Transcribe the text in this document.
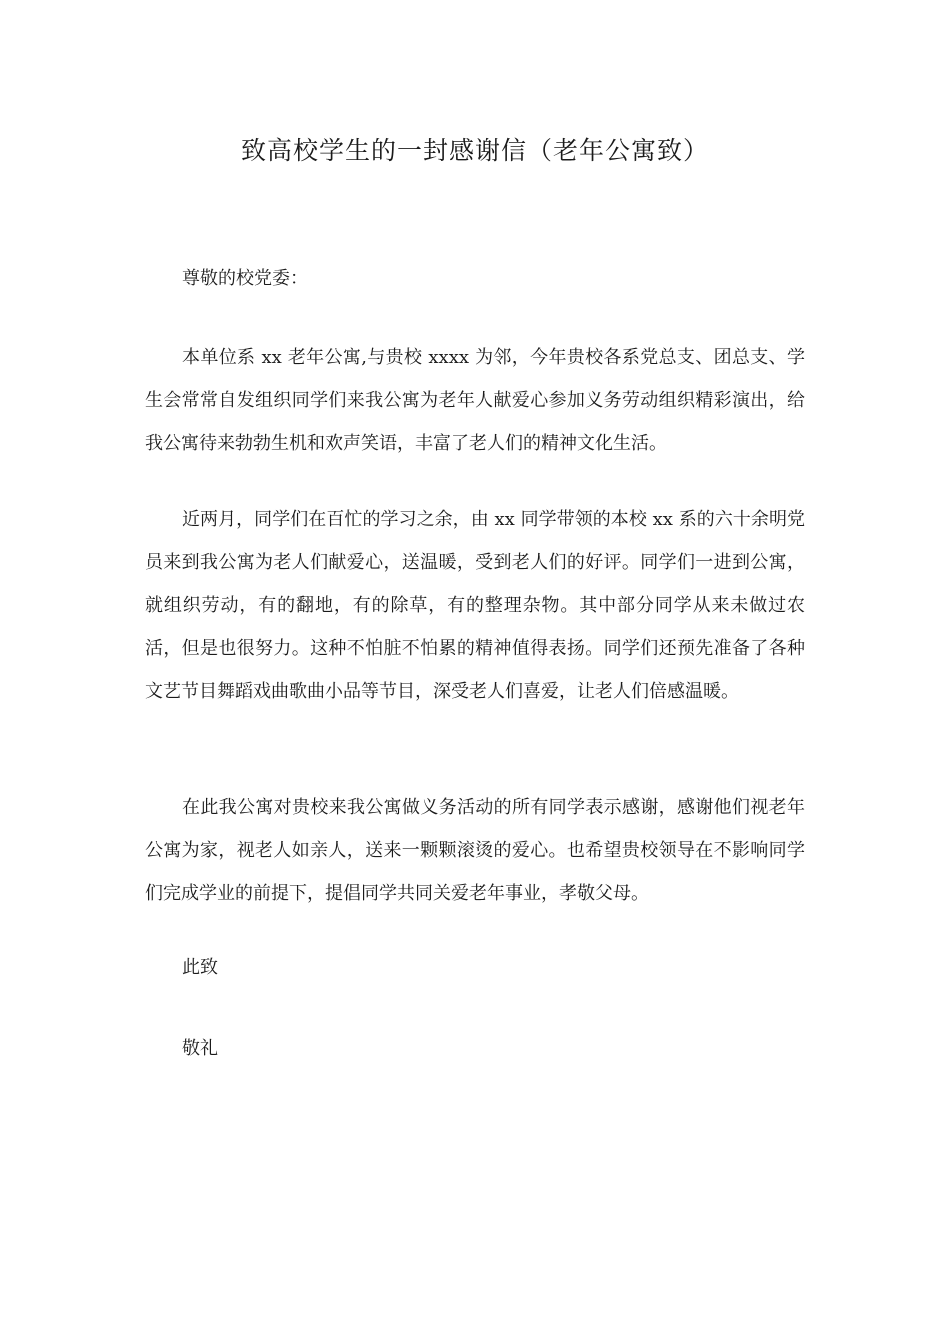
致高校学生的一封感谢信（老年公寓致）
尊敬的校党委：

本单位系 xx 老年公寓,与贵校 xxxx 为邻，今年贵校各系党总支、团总支、学生会常常自发组织同学们来我公寓为老年人献爱心参加义务劳动组织精彩演出，给我公寓待来勃勃生机和欢声笑语，丰富了老人们的精神文化生活。

近两月，同学们在百忙的学习之余，由 xx 同学带领的本校 xx 系的六十余明党员来到我公寓为老人们献爱心，送温暖，受到老人们的好评。同学们一进到公寓，就组织劳动，有的翻地，有的除草，有的整理杂物。其中部分同学从来未做过农活，但是也很努力。这种不怕脏不怕累的精神值得表扬。同学们还预先准备了各种文艺节目舞蹈戏曲歌曲小品等节目，深受老人们喜爱，让老人们倍感温暖。

在此我公寓对贵校来我公寓做义务活动的所有同学表示感谢，感谢他们视老年公寓为家，视老人如亲人，送来一颗颗滚烫的爱心。也希望贵校领导在不影响同学们完成学业的前提下，提倡同学共同关爱老年事业，孝敬父母。

此致
敬礼
